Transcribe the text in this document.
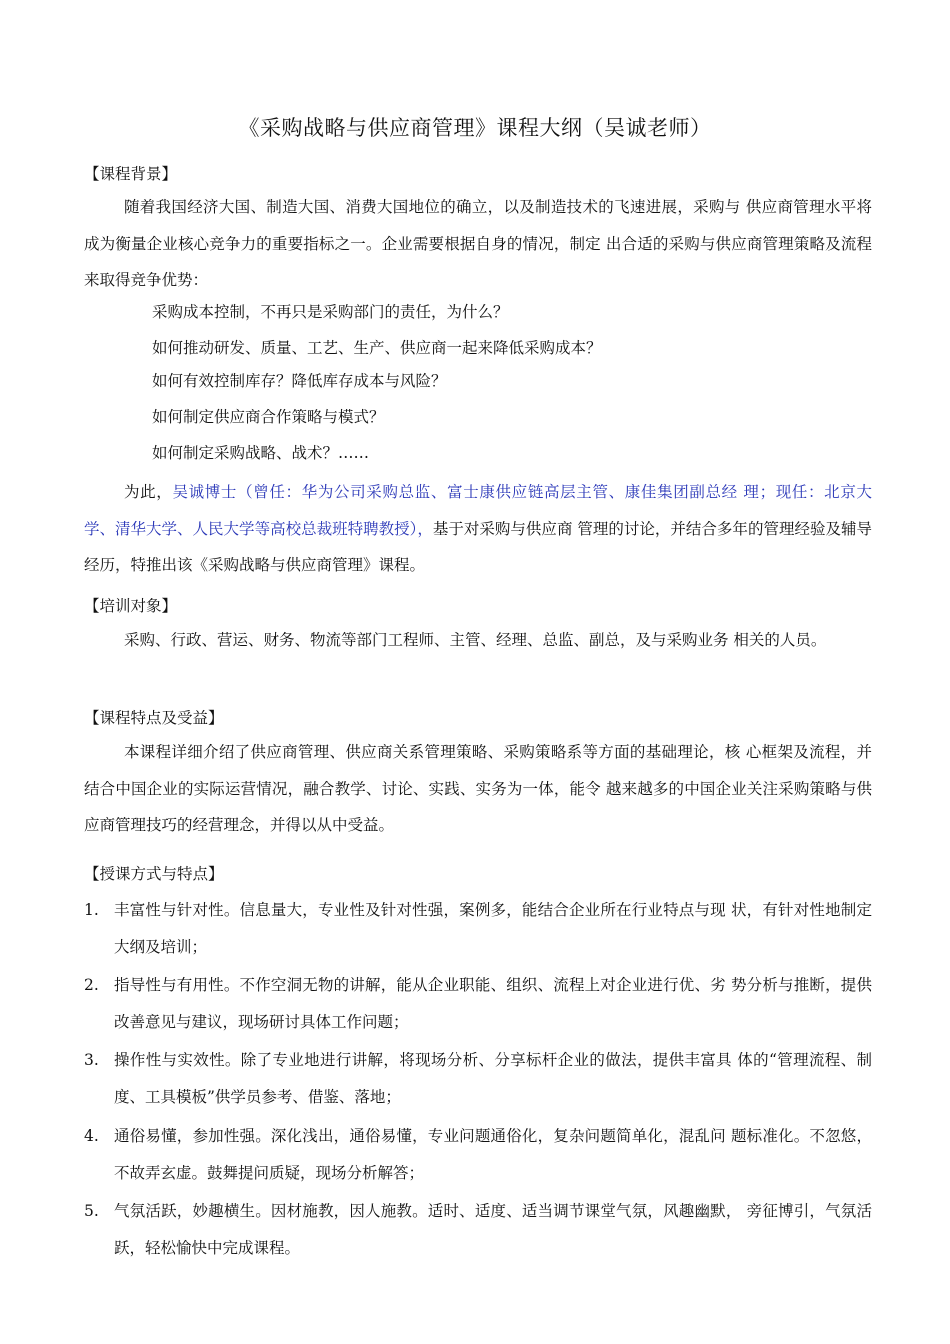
《采购战略与供应商管理》课程大纲（吴诚老师）
【课程背景】

随着我国经济大国、制造大国、消费大国地位的确立，以及制造技术的飞速进展，采购与 供应商管理水平将成为衡量企业核心竞争力的重要指标之一。企业需要根据自身的情况，制定 出合适的采购与供应商管理策略及流程来取得竞争优势：

采购成本控制，不再只是采购部门的责任，为什么？
如何推动研发、质量、工艺、生产、供应商一起来降低采购成本？
如何有效控制库存？降低库存成本与风险？
如何制定供应商合作策略与模式？
如何制定采购战略、战术？……

为此，吴诚博士（曾任：华为公司采购总监、富士康供应链高层主管、康佳集团副总经 理；现任：北京大学、清华大学、人民大学等高校总裁班特聘教授），基于对采购与供应商 管理的讨论，并结合多年的管理经验及辅导经历，特推出该《采购战略与供应商管理》课程。

【培训对象】

采购、行政、营运、财务、物流等部门工程师、主管、经理、总监、副总，及与采购业务 相关的人员。

【课程特点及受益】

本课程详细介绍了供应商管理、供应商关系管理策略、采购策略系等方面的基础理论，核 心框架及流程，并结合中国企业的实际运营情况，融合教学、讨论、实践、实务为一体，能令 越来越多的中国企业关注采购策略与供应商管理技巧的经营理念，并得以从中受益。

【授课方式与特点】
1. 丰富性与针对性。信息量大，专业性及针对性强，案例多，能结合企业所在行业特点与现 状，有针对性地制定大纲及培训；
2. 指导性与有用性。不作空洞无物的讲解，能从企业职能、组织、流程上对企业进行优、劣 势分析与推断，提供改善意见与建议，现场研讨具体工作问题；
3. 操作性与实效性。除了专业地进行讲解，将现场分析、分享标杆企业的做法，提供丰富具 体的“管理流程、制度、工具模板”供学员参考、借鉴、落地；
4. 通俗易懂，参加性强。深化浅出，通俗易懂，专业问题通俗化，复杂问题简单化，混乱问 题标准化。不忽悠，不故弄玄虚。鼓舞提问质疑，现场分析解答；
5. 气氛活跃，妙趣横生。因材施教，因人施教。适时、适度、适当调节课堂气氛，风趣幽默， 旁征博引，气氛活跃，轻松愉快中完成课程。
